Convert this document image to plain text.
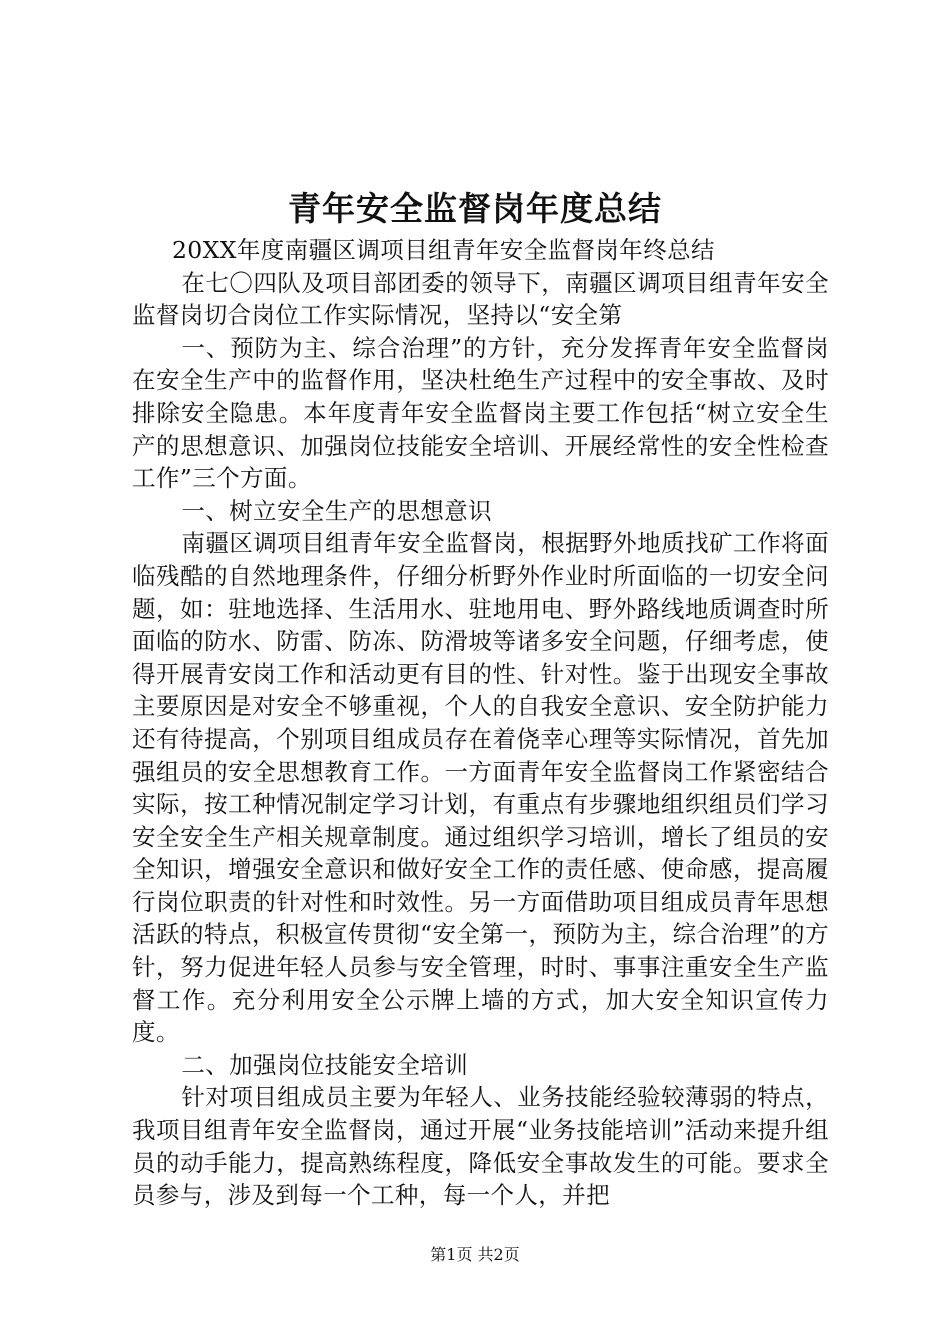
青年安全监督岗年度总结

20XX年度南疆区调项目组青年安全监督岗年终总结

在七〇四队及项目部团委的领导下，南疆区调项目组青年安全监督岗切合岗位工作实际情况，坚持以“安全第

一、预防为主、综合治理”的方针，充分发挥青年安全监督岗在安全生产中的监督作用，坚决杜绝生产过程中的安全事故、及时排除安全隐患。本年度青年安全监督岗主要工作包括“树立安全生产的思想意识、加强岗位技能安全培训、开展经常性的安全性检查工作”三个方面。

一、树立安全生产的思想意识

南疆区调项目组青年安全监督岗，根据野外地质找矿工作将面临残酷的自然地理条件，仔细分析野外作业时所面临的一切安全问题，如：驻地选择、生活用水、驻地用电、野外路线地质调查时所面临的防水、防雷、防冻、防滑坡等诸多安全问题，仔细考虑，使得开展青安岗工作和活动更有目的性、针对性。鉴于出现安全事故主要原因是对安全不够重视，个人的自我安全意识、安全防护能力还有待提高，个别项目组成员存在着侥幸心理等实际情况，首先加强组员的安全思想教育工作。一方面青年安全监督岗工作紧密结合实际，按工种情况制定学习计划，有重点有步骤地组织组员们学习安全安全生产相关规章制度。通过组织学习培训，增长了组员的安全知识，增强安全意识和做好安全工作的责任感、使命感，提高履行岗位职责的针对性和时效性。另一方面借助项目组成员青年思想活跃的特点，积极宣传贯彻“安全第一，预防为主，综合治理”的方针，努力促进年轻人员参与安全管理，时时、事事注重安全生产监督工作。充分利用安全公示牌上墙的方式，加大安全知识宣传力度。

二、加强岗位技能安全培训

针对项目组成员主要为年轻人、业务技能经验较薄弱的特点，我项目组青年安全监督岗，通过开展“业务技能培训”活动来提升组员的动手能力，提高熟练程度，降低安全事故发生的可能。要求全员参与，涉及到每一个工种，每一个人，并把

第1页 共2页
